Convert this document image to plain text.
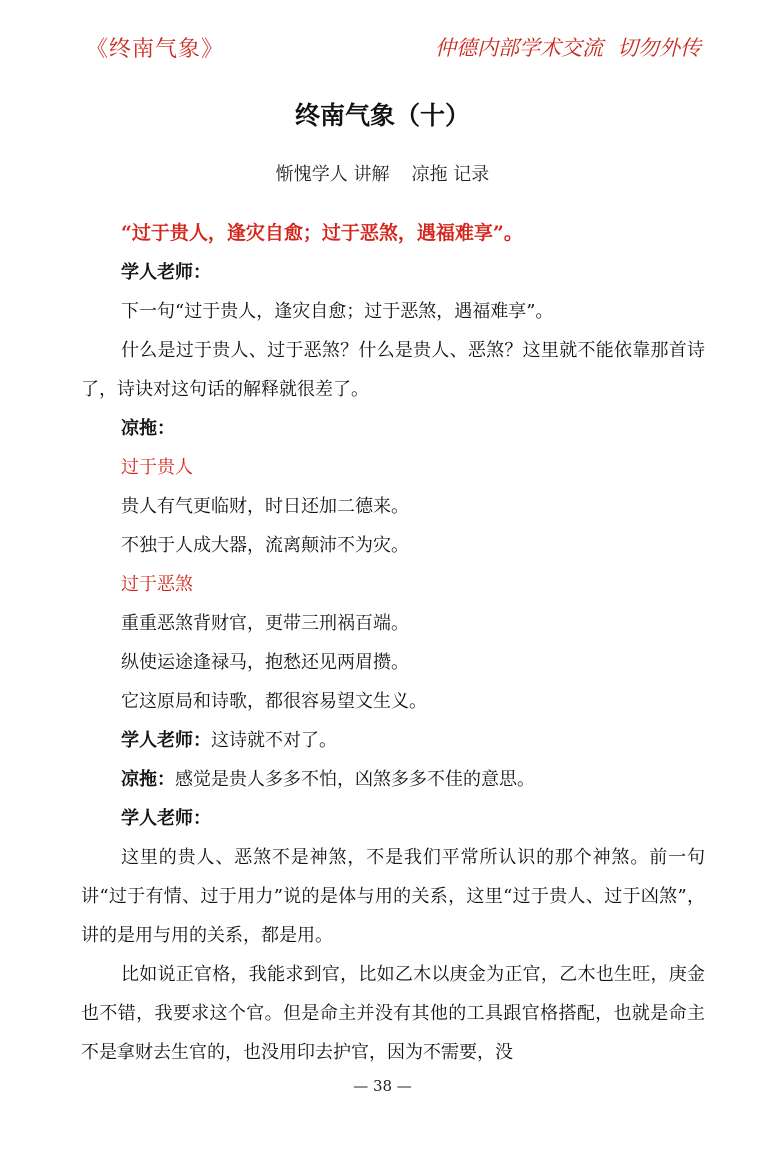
《终南气象》	仲德内部学术交流 切勿外传
终南气象（十）
惭愧学人 讲解 凉拖 记录

“过于贵人，逢灾自愈；过于恶煞，遇福难享”。

学人老师：

下一句“过于贵人，逢灾自愈；过于恶煞，遇福难享”。

什么是过于贵人、过于恶煞？什么是贵人、恶煞？这里就不能依靠那首诗了，诗诀对这句话的解释就很差了。

凉拖：

过于贵人

贵人有气更临财，时日还加二德来。

不独于人成大器，流离颠沛不为灾。

过于恶煞

重重恶煞背财官，更带三刑祸百端。

纵使运途逢禄马，抱愁还见两眉攒。

它这原局和诗歌，都很容易望文生义。

学人老师：这诗就不对了。

凉拖：感觉是贵人多多不怕，凶煞多多不佳的意思。

学人老师：

这里的贵人、恶煞不是神煞，不是我们平常所认识的那个神煞。前一句讲“过于有情、过于用力”说的是体与用的关系，这里“过于贵人、过于凶煞”，讲的是用与用的关系，都是用。

比如说正官格，我能求到官，比如乙木以庚金为正官，乙木也生旺，庚金也不错，我要求这个官。但是命主并没有其他的工具跟官格搭配，也就是命主不是拿财去生官的，也没用印去护官，因为不需要，没

— 38 —
